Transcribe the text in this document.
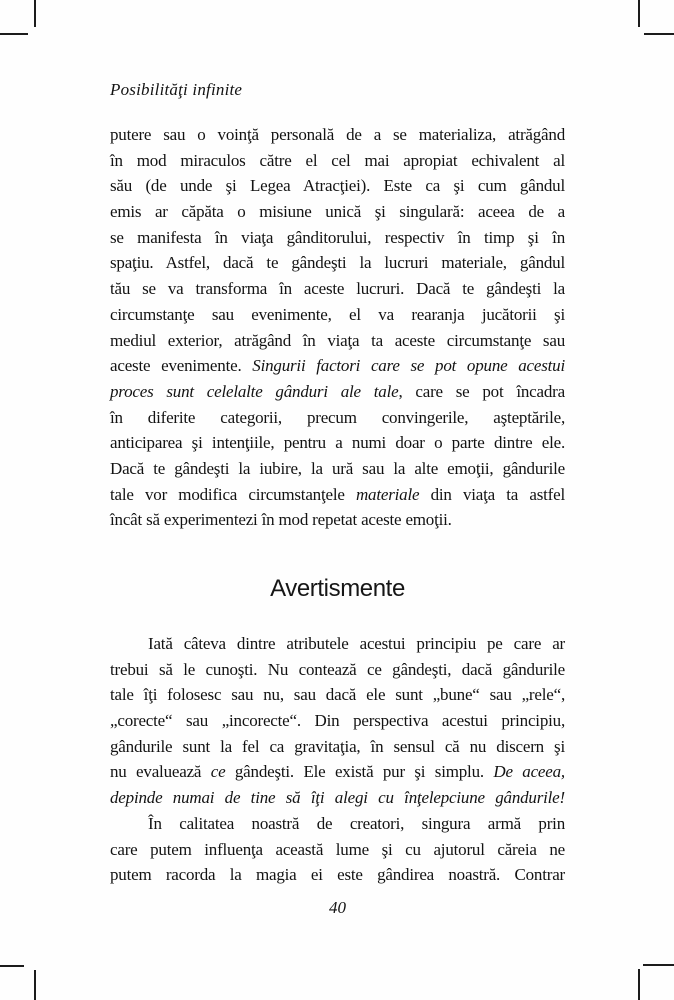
Posibilităţi infinite
putere sau o voinţă personală de a se materializa, atrăgând
în mod miraculos către el cel mai apropiat echivalent al
său (de unde şi Legea Atracţiei). Este ca şi cum gândul
emis ar căpăta o misiune unică şi singulară: aceea de a
se manifesta în viaţa gânditorului, respectiv în timp şi în
spaţiu. Astfel, dacă te gândeşti la lucruri materiale, gândul
tău se va transforma în aceste lucruri. Dacă te gândeşti la
circumstanţe sau evenimente, el va rearanja jucătorii şi
mediul exterior, atrăgând în viaţa ta aceste circumstanţe sau
aceste evenimente. Singurii factori care se pot opune acestui
proces sunt celelalte gânduri ale tale, care se pot încadra
în diferite categorii, precum convingerile, aşteptările,
anticiparea şi intenţiile, pentru a numi doar o parte dintre ele.
Dacă te gândeşti la iubire, la ură sau la alte emoţii, gândurile
tale vor modifica circumstanţele materiale din viaţa ta astfel
încât să experimentezi în mod repetat aceste emoţii.
Avertismente
Iată câteva dintre atributele acestui principiu pe care ar
trebui să le cunoşti. Nu contează ce gândeşti, dacă gândurile
tale îţi folosesc sau nu, sau dacă ele sunt „bune“ sau „rele“,
„corecte“ sau „incorecte“. Din perspectiva acestui principiu,
gândurile sunt la fel ca gravitaţia, în sensul că nu discern şi
nu evaluează ce gândeşti. Ele există pur şi simplu. De aceea,
depinde numai de tine să îţi alegi cu înţelepciune gândurile!
În calitatea noastră de creatori, singura armă prin
care putem influenţa această lume şi cu ajutorul căreia ne
putem racorda la magia ei este gândirea noastră. Contrar
40
